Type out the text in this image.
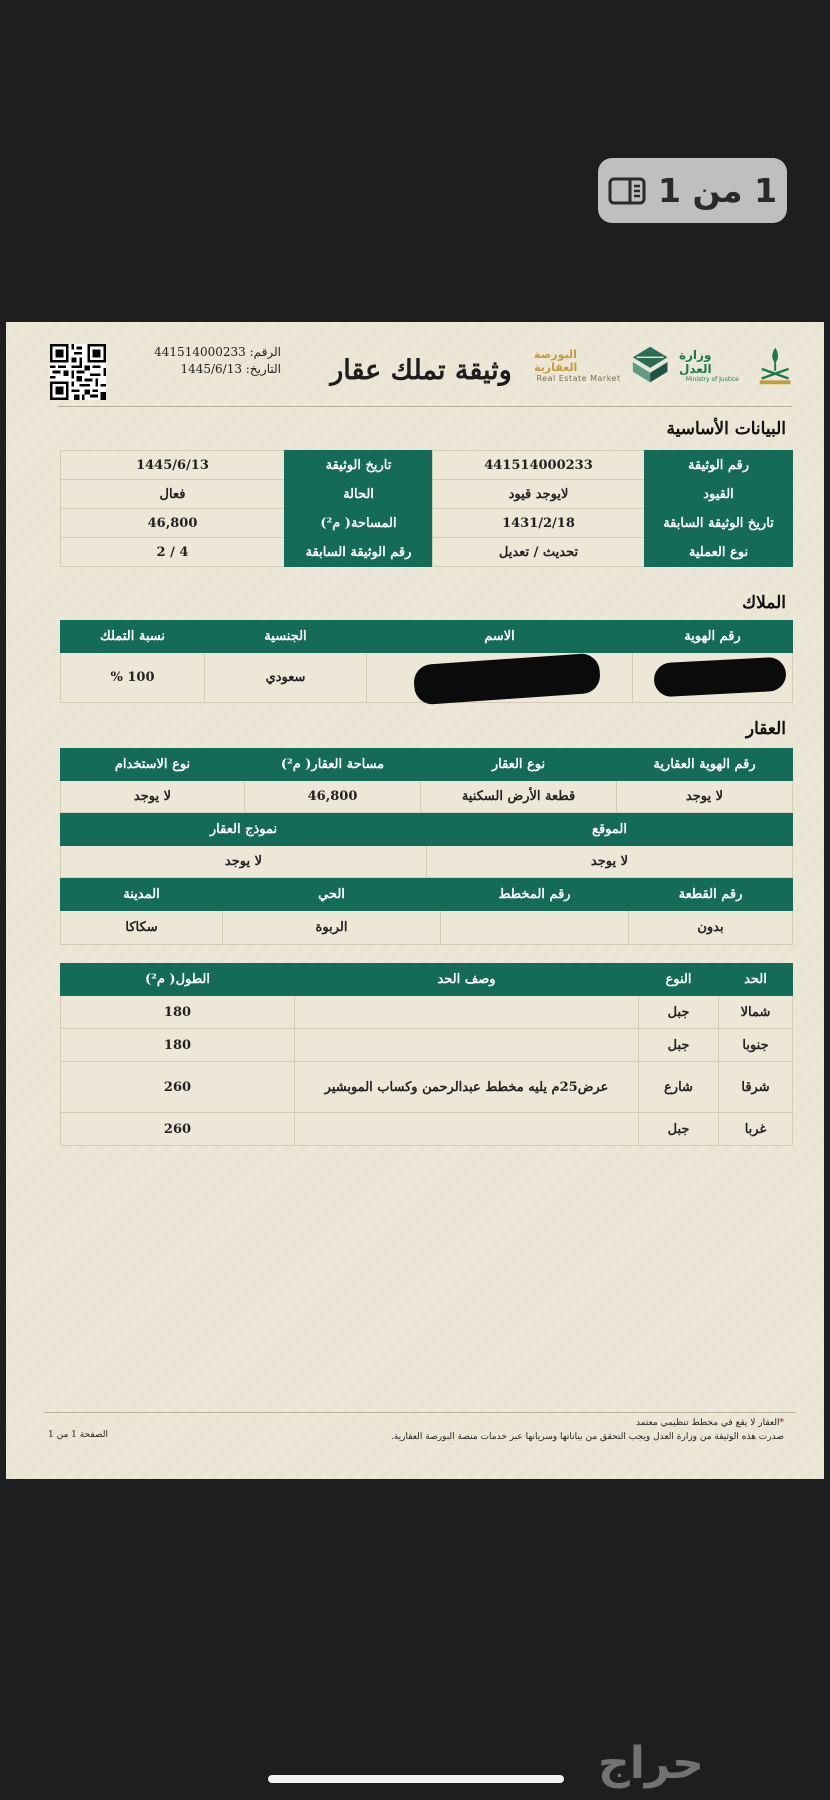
1 من 1
البورصة العقارية
Real Estate Market
وزارة العدل
Ministry of Justice
وثيقة تملك عقار
الرقم: 441514000233
التاريخ: 1445/6/13
البيانات الأساسية
رقم الوثيقة	441514000233	تاريخ الوثيقة	1445/6/13
القيود	لايوجد قيود	الحالة	فعال
تاريخ الوثيقة السابقة	1431/2/18	المساحة( م²)	46,800
نوع العملية	تحديث / تعديل	رقم الوثيقة السابقة	4 / 2
الملاك
رقم الهوية	الاسم	الجنسية	نسبة التملك
		سعودي	100 %
العقار
رقم الهوية العقارية	نوع العقار	مساحة العقار( م²)	نوع الاستخدام
لا يوجد	قطعة الأرض السكنية	46,800	لا يوجد
الموقع	نموذج العقار
لا يوجد	لا يوجد
رقم القطعة	رقم المخطط	الحي	المدينة
بدون		الربوة	سكاكا
الحد	النوع	وصف الحد	الطول( م²)
شمالا	جبل		180
جنوبا	جبل		180
شرقا	شارع	عرض25م يليه مخطط عبدالرحمن وكساب الموبشير	260
غربا	جبل		260
*العقار لا يقع في مخطط تنظيمي معتمد
صدرت هذه الوثيقة من وزارة العدل ويجب التحقق من بياناتها وسريانها عبر خدمات منصة البورصة العقارية.
الصفحة 1 من 1
حراج
